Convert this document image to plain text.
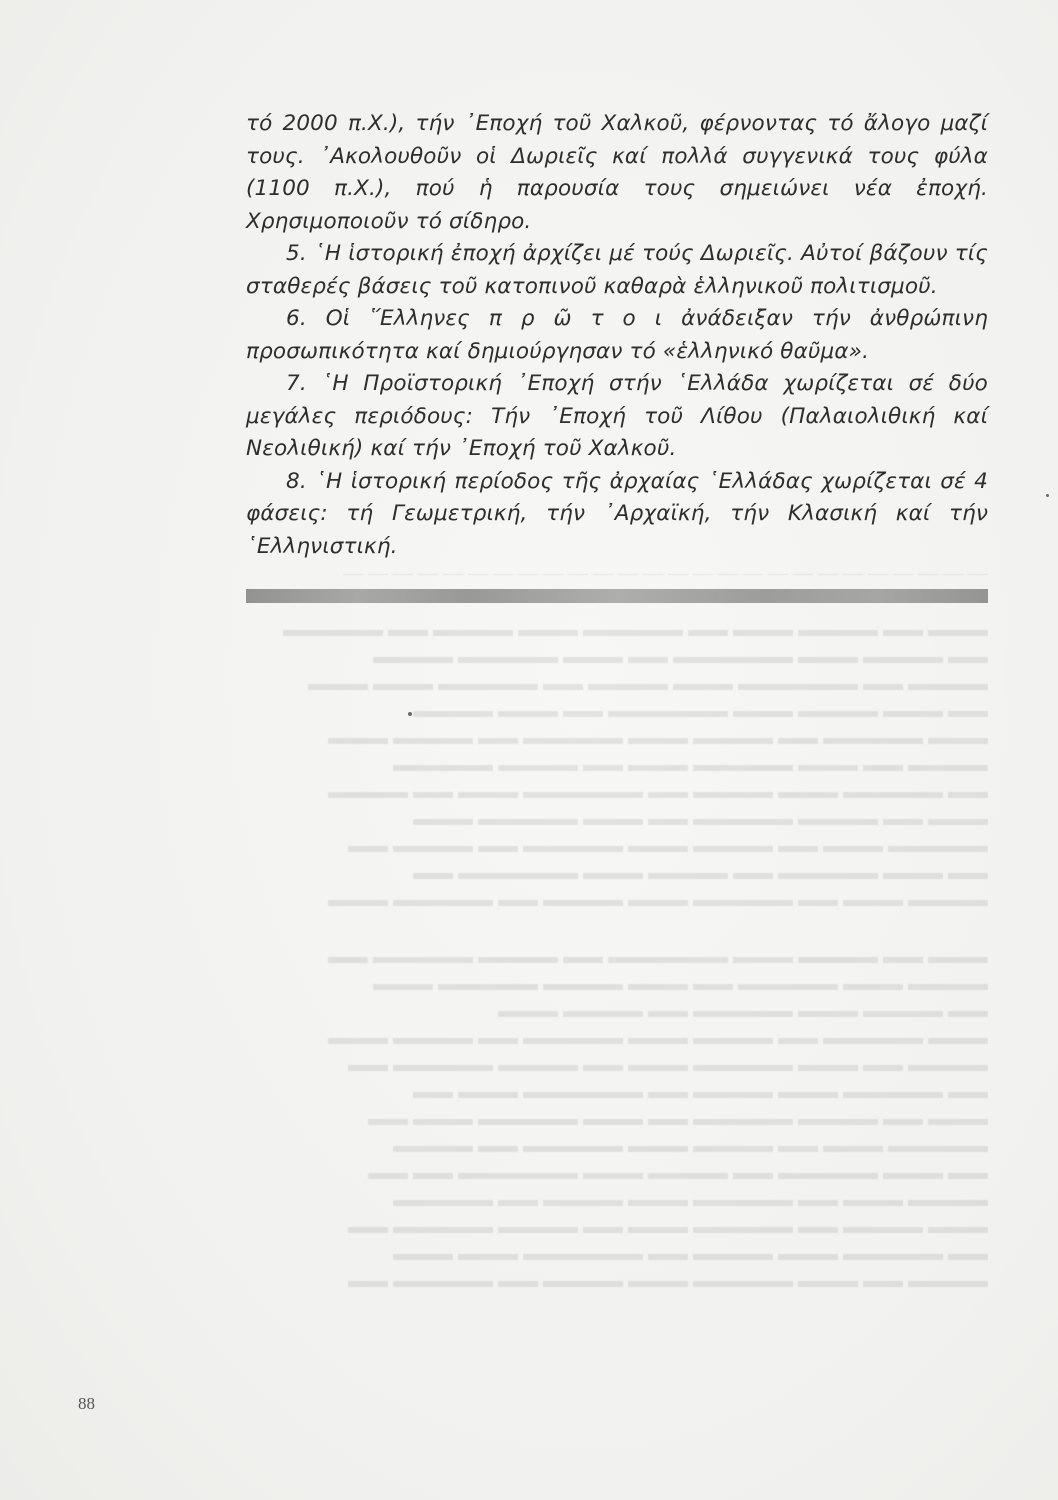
— — — — — — — — — — — — — — — — — — — — — — — — — —
▬▬▬ ▬▬ ▬▬▬▬ ▬▬▬ ▬▬ ▬▬▬▬▬ ▬▬▬ ▬▬▬▬ ▬▬ ▬▬▬▬▬
▬▬ ▬▬▬▬ ▬▬▬ ▬▬▬▬▬▬ ▬▬ ▬▬▬ ▬▬▬▬▬ ▬▬▬▬
▬▬▬▬ ▬▬ ▬▬▬▬▬▬ ▬▬▬ ▬▬▬▬ ▬▬ ▬▬▬▬▬ ▬▬▬ ▬▬▬
▬▬ ▬▬▬ ▬▬▬▬ ▬▬▬ ▬▬▬▬▬▬ ▬▬ ▬▬▬ ▬▬▬▬
▬▬▬ ▬▬▬▬▬ ▬▬ ▬▬▬▬ ▬▬▬ ▬▬▬▬▬ ▬▬ ▬▬▬▬ ▬▬▬
▬▬▬▬ ▬▬ ▬▬▬ ▬▬▬▬▬ ▬▬▬ ▬▬ ▬▬▬▬ ▬▬▬▬▬
▬▬ ▬▬▬▬▬ ▬▬▬ ▬▬▬▬ ▬▬ ▬▬▬▬▬▬ ▬▬▬ ▬▬ ▬▬▬▬
▬▬▬ ▬▬ ▬▬▬▬ ▬▬▬▬▬ ▬▬ ▬▬▬ ▬▬▬▬▬ ▬▬▬
▬▬▬▬▬ ▬▬▬ ▬▬ ▬▬▬▬ ▬▬▬ ▬▬▬▬▬ ▬▬ ▬▬▬▬ ▬▬
▬▬ ▬▬▬ ▬▬▬▬▬ ▬▬ ▬▬▬▬ ▬▬▬ ▬▬▬▬▬▬ ▬▬
▬▬▬▬ ▬▬▬ ▬▬ ▬▬▬▬▬ ▬▬▬ ▬▬▬▬ ▬▬ ▬▬▬▬▬ ▬▬▬
▬▬▬ ▬▬ ▬▬▬▬ ▬▬▬ ▬▬▬▬▬▬ ▬▬ ▬▬▬▬ ▬▬▬▬▬ ▬▬
▬▬▬▬ ▬▬▬ ▬▬▬▬▬ ▬▬ ▬▬▬ ▬▬▬▬ ▬▬▬▬▬ ▬▬▬
▬▬ ▬▬▬▬ ▬▬▬ ▬▬▬▬▬ ▬▬ ▬▬▬▬ ▬▬▬
▬▬▬ ▬▬▬▬▬ ▬▬ ▬▬▬▬ ▬▬▬ ▬▬▬▬▬ ▬▬ ▬▬▬▬ ▬▬▬
▬▬▬▬ ▬▬ ▬▬▬ ▬▬▬▬▬ ▬▬▬ ▬▬ ▬▬▬▬ ▬▬▬▬▬ ▬▬
▬▬ ▬▬▬▬▬ ▬▬▬ ▬▬▬▬ ▬▬ ▬▬▬▬▬▬ ▬▬▬ ▬▬
▬▬▬ ▬▬ ▬▬▬▬ ▬▬▬▬▬ ▬▬ ▬▬▬ ▬▬▬▬▬ ▬▬▬ ▬▬
▬▬▬▬▬ ▬▬▬ ▬▬ ▬▬▬▬ ▬▬▬ ▬▬▬▬▬ ▬▬ ▬▬▬▬
▬▬ ▬▬▬ ▬▬▬▬▬ ▬▬ ▬▬▬▬ ▬▬▬ ▬▬▬▬▬▬ ▬▬ ▬▬
▬▬▬▬ ▬▬▬ ▬▬ ▬▬▬▬▬ ▬▬▬ ▬▬▬▬ ▬▬ ▬▬▬▬▬
▬▬▬ ▬▬▬▬ ▬▬ ▬▬▬▬▬ ▬▬▬ ▬▬ ▬▬▬▬ ▬▬▬▬▬ ▬▬
▬▬ ▬▬▬▬▬ ▬▬▬ ▬▬▬▬ ▬▬ ▬▬▬▬▬▬ ▬▬▬ ▬▬▬
▬▬▬▬ ▬▬ ▬▬▬ ▬▬▬▬▬ ▬▬▬ ▬▬▬▬ ▬▬ ▬▬▬▬▬ ▬▬

τό 2000 π.Χ.), τήν ᾿Εποχή τοῦ Χαλκοῦ, φέρνοντας τό ἄλογο μαζί τους. ᾿Ακολουθοῦν οἱ Δωριεῖς καί πολλά συγγενικά τους φύλα (1100 π.Χ.), πού ἡ παρουσία τους σημειώνει νέα ἐποχή. Χρησιμοποιοῦν τό σίδηρο.

5. ῾Η ἱστορική ἐποχή ἀρχίζει μέ τούς Δωριεῖς. Αὐτοί βάζουν τίς σταθερές βάσεις τοῦ κατοπινοῦ καθαρὰ ἑλληνικοῦ πολιτισμοῦ.

6. Οἱ ῞Ελληνες π ρ ῶ τ ο ι ἀνάδειξαν τήν ἀνθρώπινη προσωπικότητα καί δημιούργησαν τό «ἑλληνικό θαῦμα».

7. ῾Η Προϊστορική ᾿Εποχή στήν ῾Ελλάδα χωρίζεται σέ δύο μεγάλες περιόδους: Τήν ᾿Εποχή τοῦ Λίθου (Παλαιολιθική καί Νεολιθική) καί τήν ᾿Εποχή τοῦ Χαλκοῦ.

8. ῾Η ἱστορική περίοδος τῆς ἀρχαίας ῾Ελλάδας χωρίζεται σέ 4 φάσεις: τή Γεωμετρική, τήν ᾿Αρχαϊκή, τήν Κλασική καί τήν ῾Ελληνιστική.

88
